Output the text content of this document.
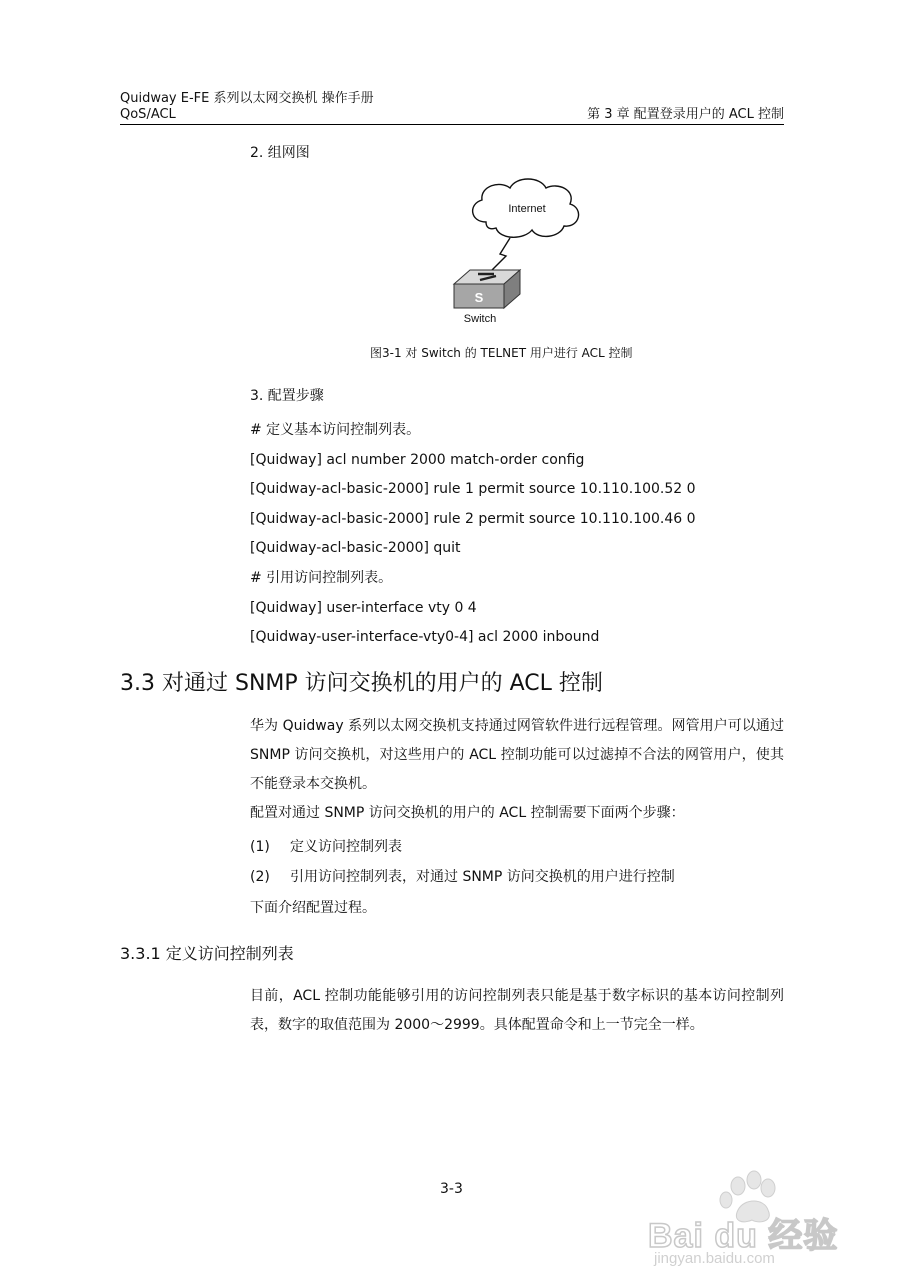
Quidway E-FE 系列以太网交换机 操作手册
QoS/ACL	第 3 章 配置登录用户的 ACL 控制
2. 组网图
Internet
S
Switch
图3-1 对 Switch 的 TELNET 用户进行 ACL 控制
3. 配置步骤
# 定义基本访问控制列表。
[Quidway] acl number 2000 match-order config
[Quidway-acl-basic-2000] rule 1 permit source 10.110.100.52 0
[Quidway-acl-basic-2000] rule 2 permit source 10.110.100.46 0
[Quidway-acl-basic-2000] quit
# 引用访问控制列表。
[Quidway] user-interface vty 0 4
[Quidway-user-interface-vty0-4] acl 2000 inbound
3.3 对通过 SNMP 访问交换机的用户的 ACL 控制
华为 Quidway 系列以太网交换机支持通过网管软件进行远程管理。网管用户可以通过 SNMP 访问交换机，对这些用户的 ACL 控制功能可以过滤掉不合法的网管用户，使其不能登录本交换机。
配置对通过 SNMP 访问交换机的用户的 ACL 控制需要下面两个步骤：
(1) 定义访问控制列表
(2) 引用访问控制列表，对通过 SNMP 访问交换机的用户进行控制
下面介绍配置过程。
3.3.1 定义访问控制列表
目前，ACL 控制功能能够引用的访问控制列表只能是基于数字标识的基本访问控制列表，数字的取值范围为 2000～2999。具体配置命令和上一节完全一样。
3-3
Bai du 经验
jingyan.baidu.com
